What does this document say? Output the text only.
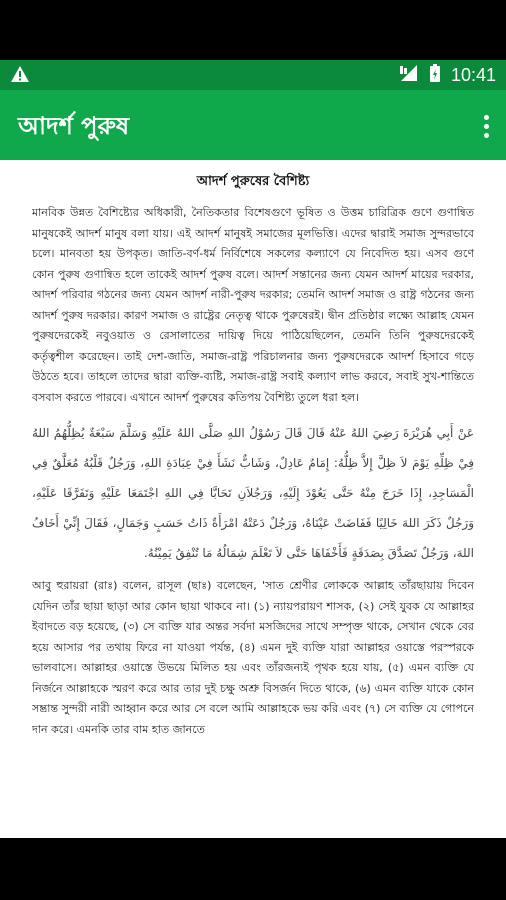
10:41
আদর্শ পুরুষ
আদর্শ পুরুষের বৈশিষ্ট্য
মানবিক উন্নত বৈশিষ্ট্যের অধিকারী, নৈতিকতার বিশেষগুণে ভূষিত ও উত্তম চারিত্রিক গুণে গুণান্বিত মানুষকেই আদর্শ মানুষ বলা যায়। এই আদর্শ মানুষই সমাজের মূলভিত্তি। এদের দ্বারাই সমাজ সুন্দরভাবে চলে। মানবতা হয় উপকৃত। জাতি-বর্ণ-ধর্ম নির্বিশেষে সকলের কল্যাণে যে নিবেদিত হয়। এসব গুণে কোন পুরুষ গুণান্বিত হলে তাকেই আদর্শ পুরুষ বলে। আদর্শ সন্তানের জন্য যেমন আদর্শ মায়ের দরকার, আদর্শ পরিবার গঠনের জন্য যেমন আদর্শ নারী-পুরুষ দরকার; তেমনি আদর্শ সমাজ ও রাষ্ট্র গঠনের জন্য আদর্শ পুরুষ দরকার। কারণ সমাজ ও রাষ্ট্রের নেতৃত্ব থাকে পুরুষেরই। দ্বীন প্রতিষ্ঠার লক্ষ্যে আল্লাহ যেমন পুরুষদেরকেই নবুওয়াত ও রেসালাতের দায়িত্ব দিয়ে পাঠিয়েছিলেন, তেমনি তিনি পুরুষদেরকেই কর্তৃত্বশীল করেছেন। তাই দেশ-জাতি, সমাজ-রাষ্ট্র পরিচালনার জন্য পুরুষদেরকে আদর্শ হিসাবে গড়ে উঠতে হবে। তাহলে তাদের দ্বারা ব্যক্তি-ব্যষ্টি, সমাজ-রাষ্ট্র সবাই কল্যাণ লাভ করবে, সবাই সুখ-শান্তিতে বসবাস করতে পারবে। এখানে আদর্শ পুরুষের কতিপয় বৈশিষ্ট্য তুলে ধরা হল।
عَنْ أَبِي هُرَيْرَةَ رَضِيَ اللهُ عَنْهُ قَالَ قَالَ رَسُوْلُ اللهِ صَلَّى اللهُ عَلَيْهِ وَسَلَّمَ سَبْعَةٌ يُظِلُّهُمُ اللهُ فِيْ ظِلِّهِ يَوْمَ لاَ ظِلَّ إِلاَّ ظِلُّهُ: إِمَامٌ عَادِلٌ، وَشَابٌّ نَشَأَ فِيْ عِبَادَةِ اللهِ، وَرَجُلٌ قَلْبُهُ مُعَلَّقٌ فِي الْمَسَاجِدِ، إِذَا خَرَجَ مِنْهُ حَتَّى يَعُوْدَ إِلَيْهِ، وَرَجُلاَنِ تَحَابَّا فِي اللهِ اجْتَمَعَا عَلَيْهِ وَتَفَرَّقَا عَلَيْهِ، وَرَجُلٌ ذَكَرَ اللهَ خَالِيًا فَفَاضَتْ عَيْنَاهُ، وَرَجُلٌ دَعَتْهُ امْرَأَةٌ ذَاتُ حَسَبٍ وَجَمَالٍ، فَقَالَ إِنِّيْ أَخَافُ اللهَ، وَرَجُلٌ تَصَدَّقَ بِصَدَقَةٍ فَأَخْفَاهَا حَتَّى لاَ تَعْلَمَ شِمَالُهُ مَا تُنْفِقُ يَمِيْنُهُ.
আবু হুরায়রা (রাঃ) বলেন, রাসূল (ছাঃ) বলেছেন, 'সাত শ্রেণীর লোককে আল্লাহ তাঁরছায়ায় দিবেন যেদিন তাঁর ছায়া ছাড়া আর কোন ছায়া থাকবে না। (১) ন্যায়পরায়ণ শাসক, (২) সেই যুবক যে আল্লাহর ইবাদতে বড় হয়েছে, (৩) সে ব্যক্তি যার অন্তর সর্বদা মসজিদের সাথে সম্পৃক্ত থাকে, সেখান থেকে বের হয়ে আসার পর তথায় ফিরে না যাওয়া পর্যন্ত, (৪) এমন দুই ব্যক্তি যারা আল্লাহর ওয়াস্তে পরস্পরকে ভালবাসে। আল্লাহর ওয়াস্তে উভয়ে মিলিত হয় এবং তাঁরজন্যই পৃথক হয়ে যায়, (৫) এমন ব্যক্তি যে নির্জনে আল্লাহকে স্মরণ করে আর তার দুই চক্ষু অশ্রু বিসর্জন দিতে থাকে, (৬) এমন ব্যক্তি যাকে কোন সম্ভ্রান্ত সুন্দরী নারী আহ্বান করে আর সে বলে আমি আল্লাহকে ভয় করি এবং (৭) সে ব্যক্তি যে গোপনে দান করে। এমনকি তার বাম হাত জানতে
